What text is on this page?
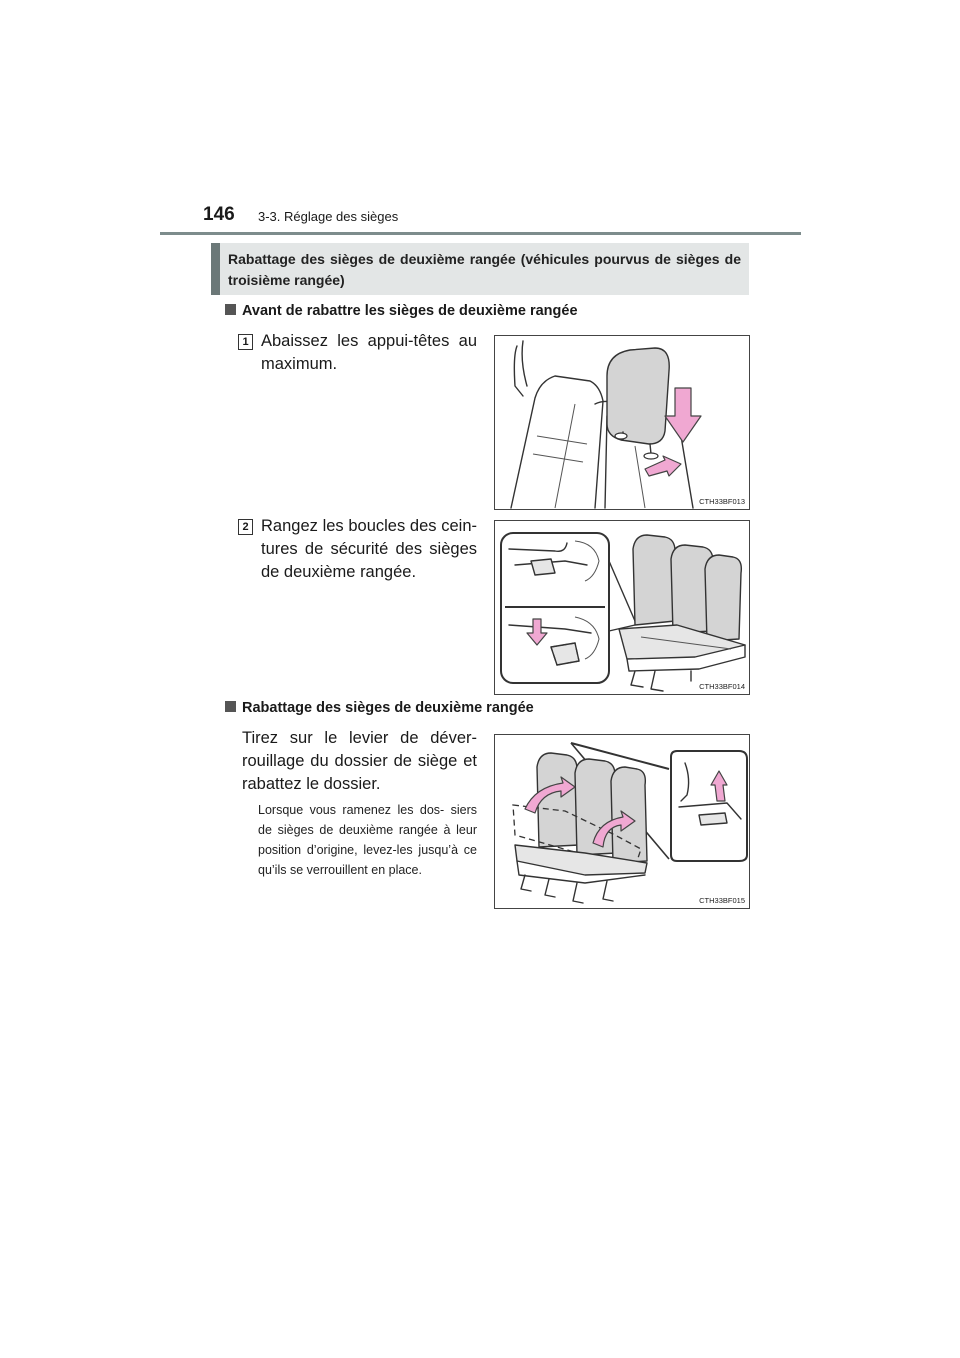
146 3-3. Réglage des sièges
Rabattage des sièges de deuxième rangée (véhicules pourvus de sièges de troisième rangée)
Avant de rabattre les sièges de deuxième rangée
1 Abaissez les appui-têtes au maximum.
CTH33BF013
2 Rangez les boucles des cein- tures de sécurité des sièges de deuxième rangée.
CTH33BF014
Rabattage des sièges de deuxième rangée
Tirez sur le levier de déver- rouillage du dossier de siège et rabattez le dossier.
Lorsque vous ramenez les dos- siers de sièges de deuxième rangée à leur position d’origine, levez-les jusqu’à ce qu’ils se verrouillent en place.
CTH33BF015
